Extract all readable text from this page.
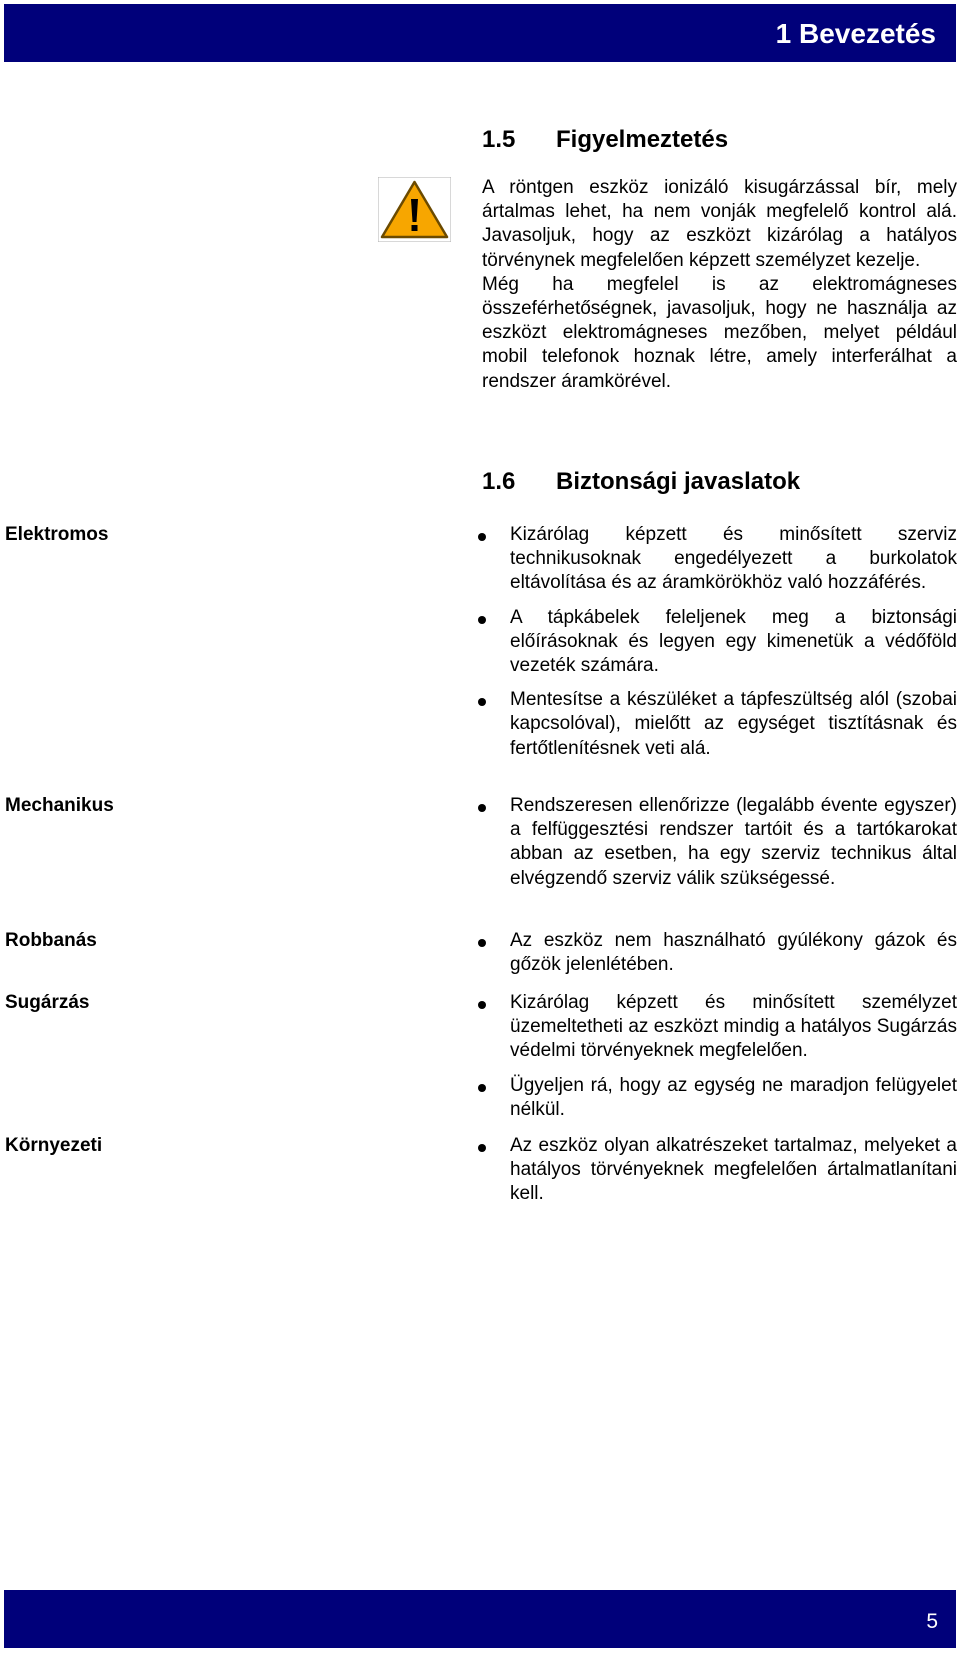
1 Bevezetés
1.5 Figyelmeztetés

A röntgen eszköz ionizáló kisugárzással bír, mely ártalmas lehet, ha nem vonják megfelelő kontrol alá. Javasoljuk, hogy az eszközt kizárólag a hatályos törvénynek megfelelően képzett személyzet kezelje.

Még ha megfelel is az elektromágneses összeférhetőségnek, javasoljuk, hogy ne használja az eszközt elektromágneses mezőben, melyet például mobil telefonok hoznak létre, amely interferálhat a rendszer áramkörével.

1.6 Biztonsági javaslatok
Elektromos	Kizárólag képzett és minősített szerviz technikusoknak engedélyezett a burkolatok eltávolítása és az áramkörökhöz való hozzáférés.
A tápkábelek feleljenek meg a biztonsági előírásoknak és legyen egy kimenetük a védőföld vezeték számára.
Mentesítse a készüléket a tápfeszültség alól (szobai kapcsolóval), mielőtt az egységet tisztításnak és fertőtlenítésnek veti alá.
Mechanikus	Rendszeresen ellenőrizze (legalább évente egyszer) a felfüggesztési rendszer tartóit és a tartókarokat abban az esetben, ha egy szerviz technikus által elvégzendő szerviz válik szükségessé.
Robbanás	Az eszköz nem használható gyúlékony gázok és gőzök jelenlétében.
Sugárzás	Kizárólag képzett és minősített személyzet üzemeltetheti az eszközt mindig a hatályos Sugárzás védelmi törvényeknek megfelelően.
Ügyeljen rá, hogy az egység ne maradjon felügyelet nélkül.
Környezeti	Az eszköz olyan alkatrészeket tartalmaz, melyeket a hatályos törvényeknek megfelelően ártalmatlanítani kell.
5
